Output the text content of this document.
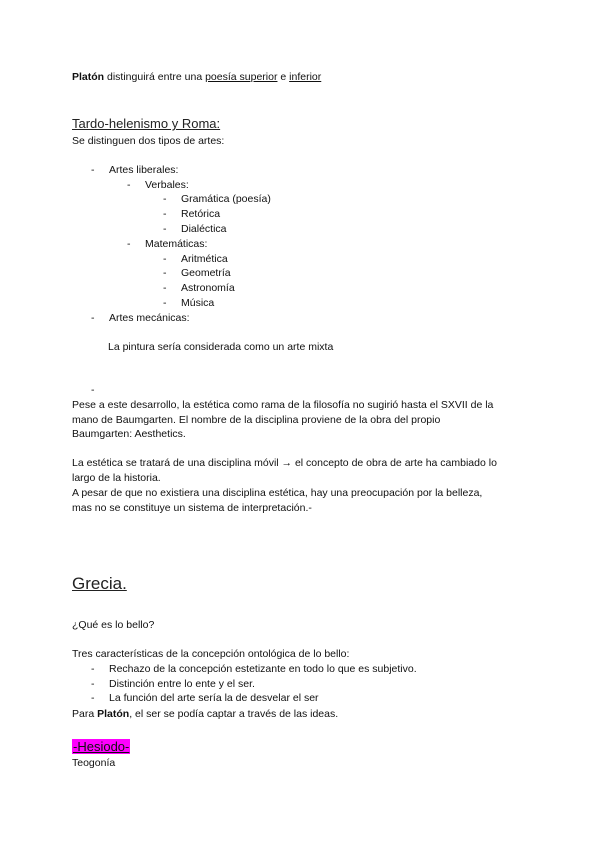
Platón distinguirá entre una poesía superior e inferior
Tardo-helenismo y Roma:
Se distinguen dos tipos de artes:
- Artes liberales:
- Verbales:
- Gramática (poesía)
- Retórica
- Dialéctica
- Matemáticas:
- Aritmética
- Geometría
- Astronomía
- Música
- Artes mecánicas:
La pintura sería considerada como un arte mixta
-
Pese a este desarrollo, la estética como rama de la filosofía no sugirió hasta el SXVII de la
mano de Baumgarten. El nombre de la disciplina proviene de la obra del propio
Baumgarten: Aesthetics.
La estética se tratará de una disciplina móvil → el concepto de obra de arte ha cambiado lo
largo de la historia.
A pesar de que no existiera una disciplina estética, hay una preocupación por la belleza,
mas no se constituye un sistema de interpretación.-
Grecia.
¿Qué es lo bello?
Tres características de la concepción ontológica de lo bello:
- Rechazo de la concepción estetizante en todo lo que es subjetivo.
- Distinción entre lo ente y el ser.
- La función del arte sería la de desvelar el ser
Para Platón, el ser se podía captar a través de las ideas.
-Hesiodo-
Teogonía
